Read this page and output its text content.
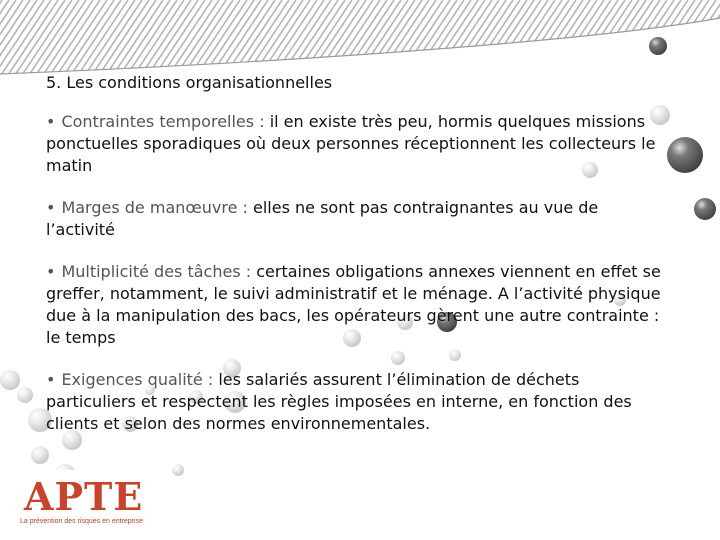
5. Les conditions organisationnelles
• Contraintes temporelles : il en existe très peu, hormis quelques missions ponctuelles sporadiques où deux personnes réceptionnent les collecteurs le matin
• Marges de manœuvre : elles ne sont pas contraignantes au vue de l’activité
• Multiplicité des tâches : certaines obligations annexes viennent en effet se greffer, notamment, le suivi administratif et le ménage. A l’activité physique due à la manipulation des bacs, les opérateurs gèrent une autre contrainte : le temps
• Exigences qualité : les salariés assurent l’élimination de déchets particuliers et respectent les règles imposées en interne, en fonction des clients et selon des normes environnementales.
APTE
La prévention des risques en entreprise
